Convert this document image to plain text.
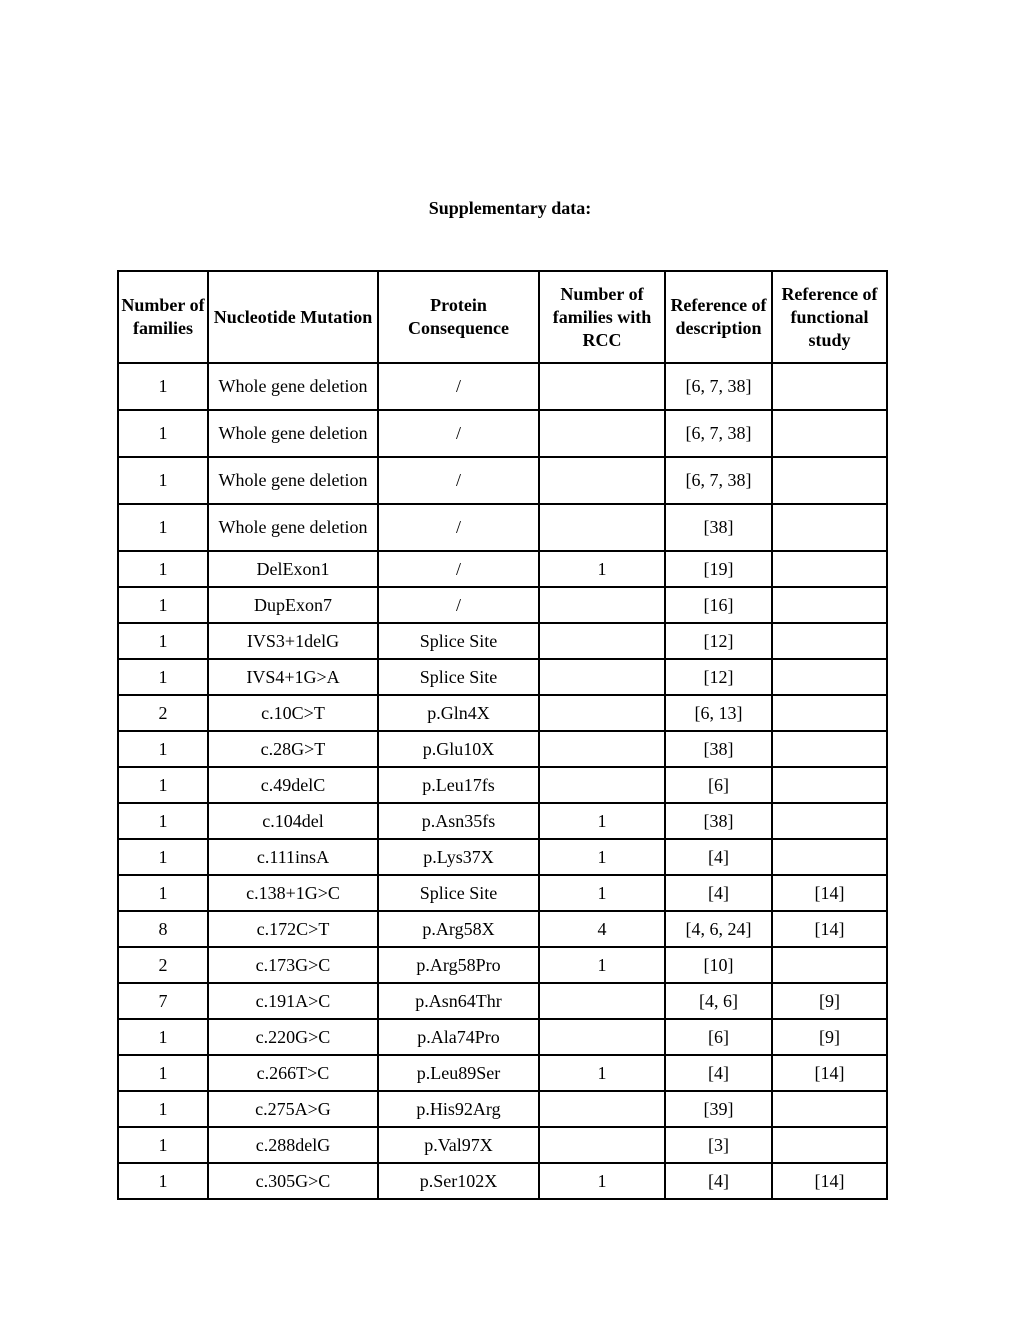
Supplementary data:
Number of families	Nucleotide Mutation	Protein Consequence	Number of families with RCC	Reference of description	Reference of functional study
1	Whole gene deletion	/		[6, 7, 38]	
1	Whole gene deletion	/		[6, 7, 38]	
1	Whole gene deletion	/		[6, 7, 38]	
1	Whole gene deletion	/		[38]	
1	DelExon1	/	1	[19]	
1	DupExon7	/		[16]	
1	IVS3+1delG	Splice Site		[12]	
1	IVS4+1G>A	Splice Site		[12]	
2	c.10C>T	p.Gln4X		[6, 13]	
1	c.28G>T	p.Glu10X		[38]	
1	c.49delC	p.Leu17fs		[6]	
1	c.104del	p.Asn35fs	1	[38]	
1	c.111insA	p.Lys37X	1	[4]	
1	c.138+1G>C	Splice Site	1	[4]	[14]
8	c.172C>T	p.Arg58X	4	[4, 6, 24]	[14]
2	c.173G>C	p.Arg58Pro	1	[10]	
7	c.191A>C	p.Asn64Thr		[4, 6]	[9]
1	c.220G>C	p.Ala74Pro		[6]	[9]
1	c.266T>C	p.Leu89Ser	1	[4]	[14]
1	c.275A>G	p.His92Arg		[39]	
1	c.288delG	p.Val97X		[3]	
1	c.305G>C	p.Ser102X	1	[4]	[14]
